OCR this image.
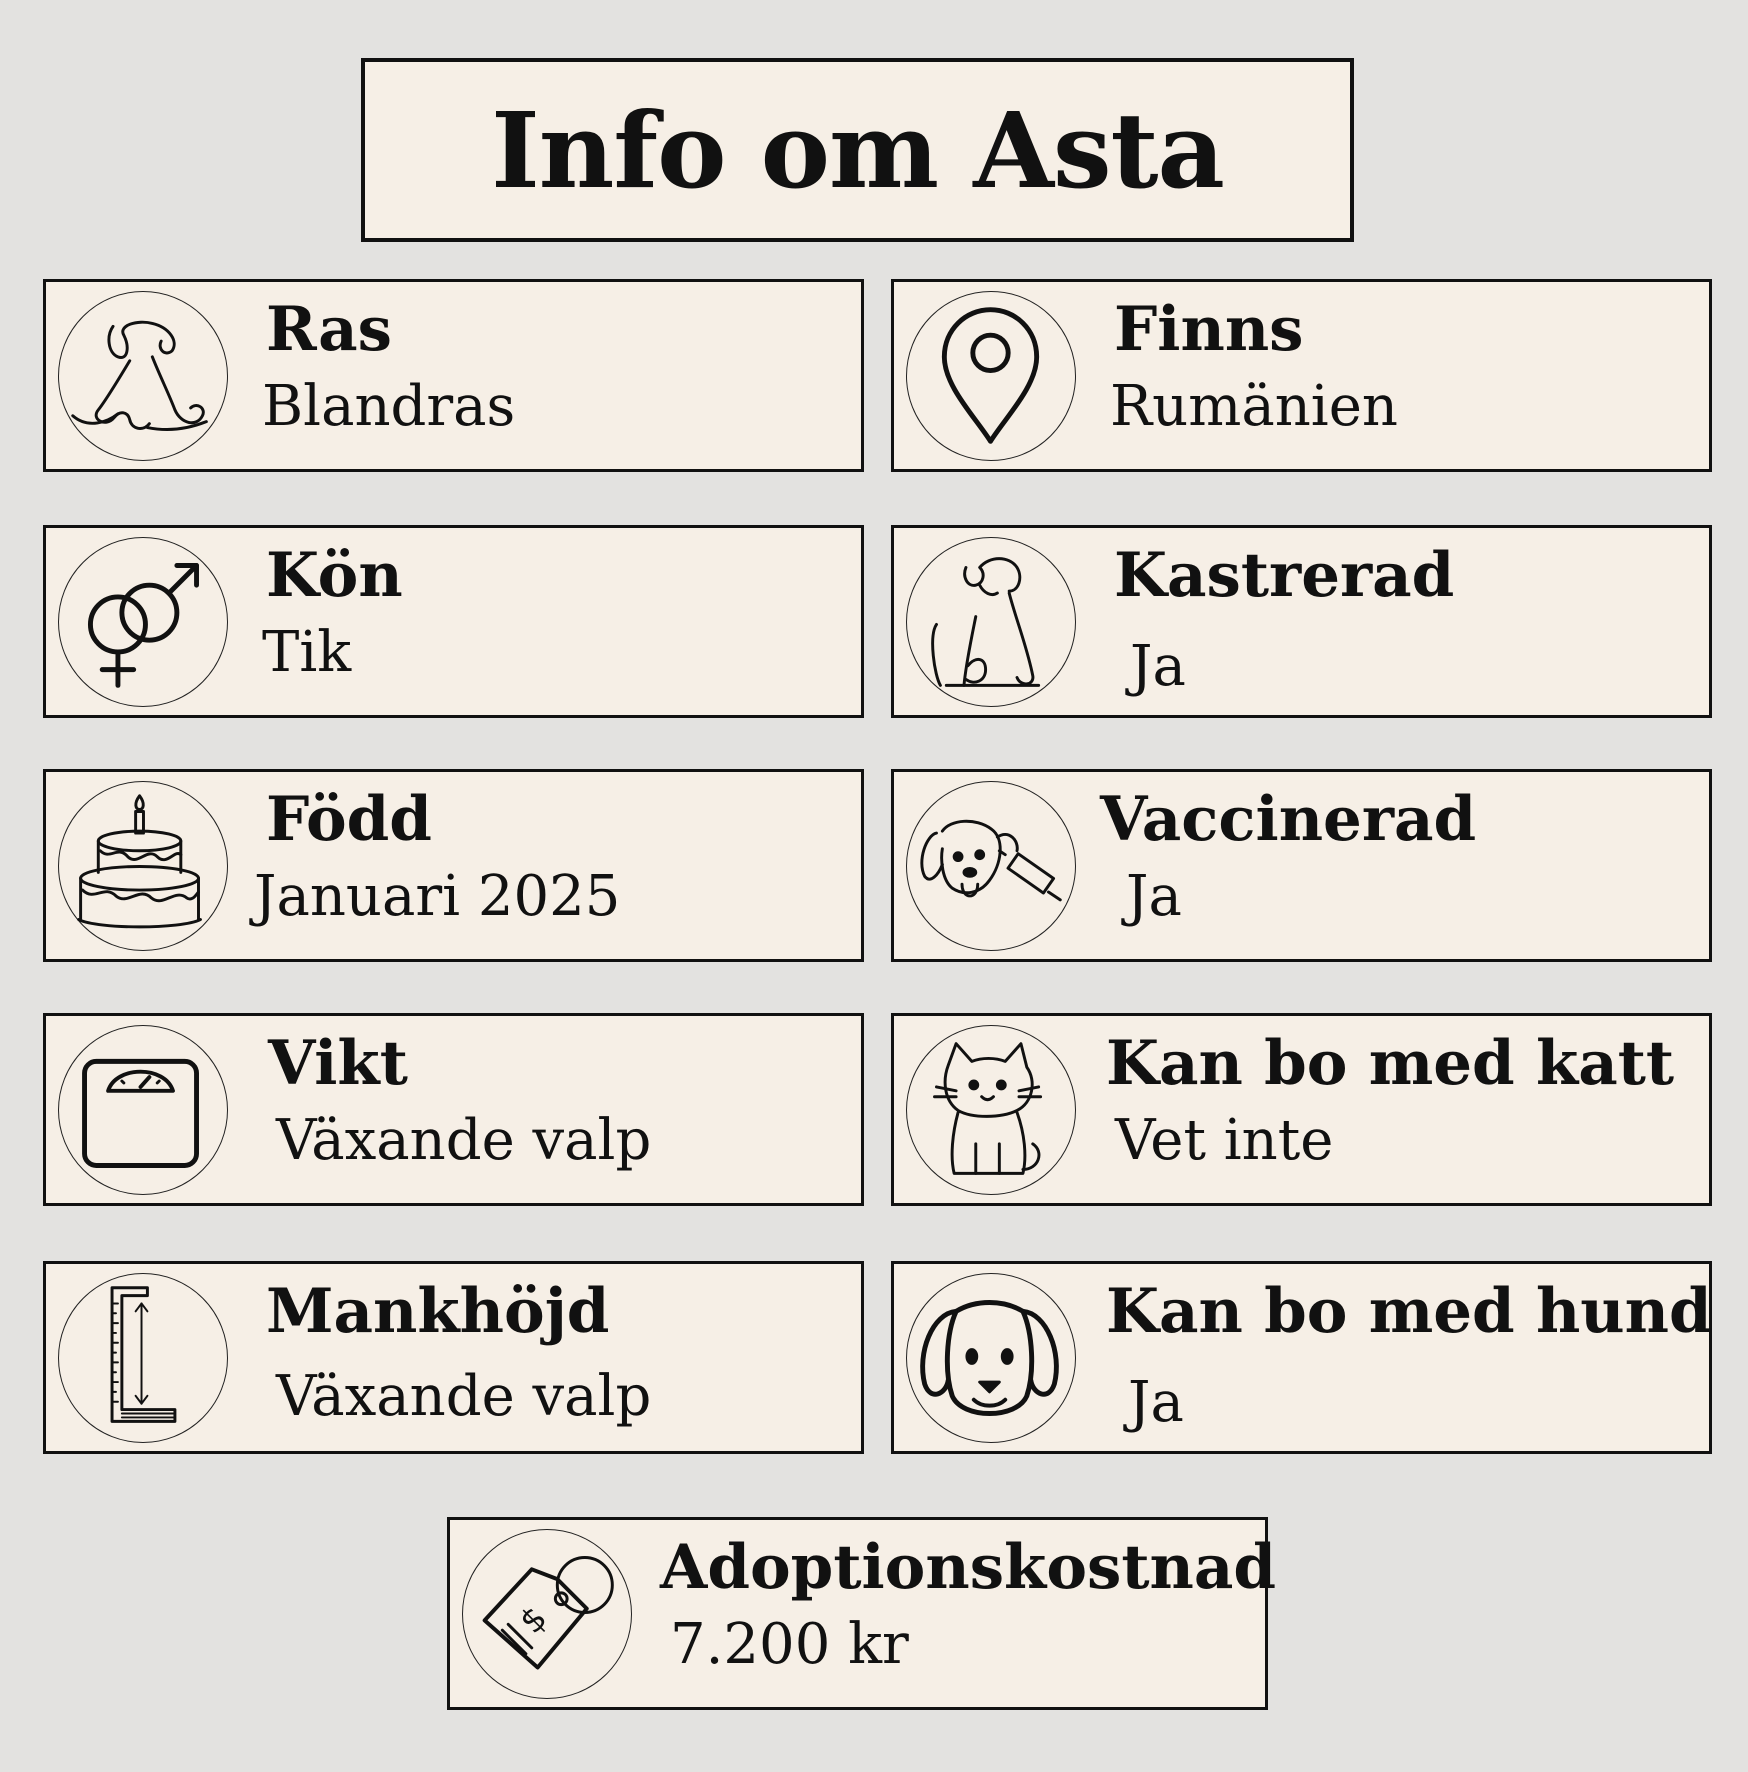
Info om Asta
Ras
Blandras
Finns
Rumänien
Kön
Tik
Kastrerad
Ja
Född
Januari 2025
Vaccinerad
Ja
Vikt
Växande valp
Kan bo med katt
Vet inte
Mankhöjd
Växande valp
Kan bo med hund
Ja
$
Adoptionskostnad
7.200 kr
